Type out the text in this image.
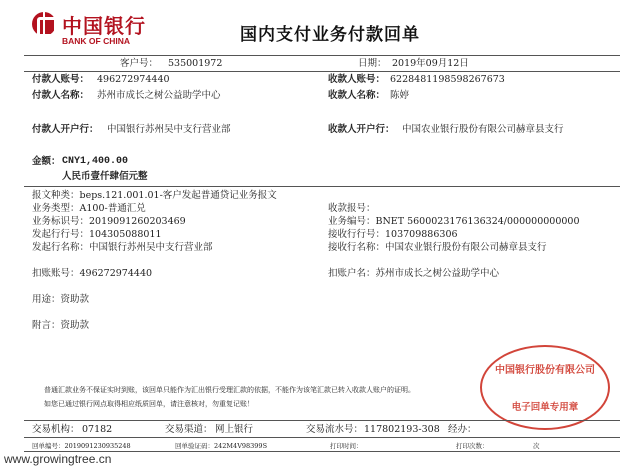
中国银行
BANK OF CHINA	国内支付业务付款回单
客户号： 535001972	日期： 2019年09月12日
付款人账号： 496272974440	收款人账号： 6228481198598267673
付款人名称： 苏州市成长之树公益助学中心	收款人名称： 陈婷
付款人开户行： 中国银行苏州吴中支行营业部	收款人开户行： 中国农业银行股份有限公司赫章县支行
金额： CNY1,400.00
人民币壹仟肆佰元整
报文种类：beps.121.001.01-客户发起普通贷记业务报文
业务类型：A100-普通汇兑
业务标识号：2019091260203469
发起行行号：104305088011
发起行名称：中国银行苏州吴中支行营业部
收款报号：
业务编号：BNET 5600023176136324/000000000000
接收行行号：103709886306
接收行名称：中国农业银行股份有限公司赫章县支行
扣账账号：496272974440	扣账户名：苏州市成长之树公益助学中心
用途：资助款
附言：资助款
普通汇款业务不保证实时到账，该回单只能作为汇出银行受理汇款的依据，不能作为该笔汇款已转入收款人账户的证明。
如您已通过银行网点取得相应纸质回单，请注意核对，勿重复记账！
中国银行股份有限公司
电子回单专用章
交易机构： 07182	交易渠道： 网上银行	交易流水号： 117802193-308 经办：
回单编号：2019091230935248	回单验证码：242M4V98399S	打印时间：	打印次数：	次
www.growingtree.cn
